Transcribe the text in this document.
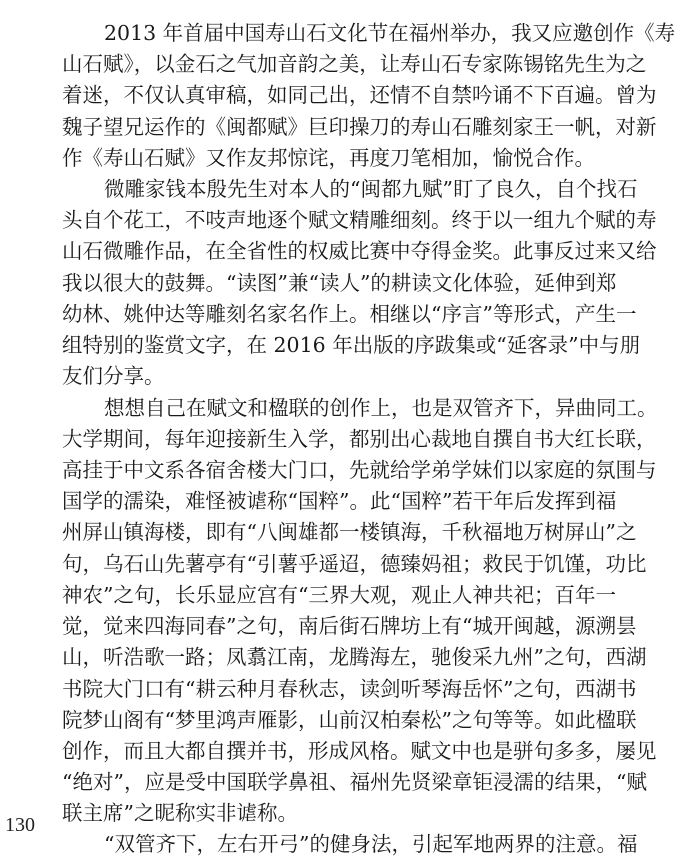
2013 年首届中国寿山石文化节在福州举办，我又应邀创作《寿
山石赋》，以金石之气加音韵之美，让寿山石专家陈锡铭先生为之
着迷，不仅认真审稿，如同己出，还情不自禁吟诵不下百遍。曾为
魏子望兄运作的《闽都赋》巨印操刀的寿山石雕刻家王一帆，对新
作《寿山石赋》又作友邦惊诧，再度刀笔相加，愉悦合作。
微雕家钱本殷先生对本人的“闽都九赋”盯了良久，自个找石
头自个花工，不吱声地逐个赋文精雕细刻。终于以一组九个赋的寿
山石微雕作品，在全省性的权威比赛中夺得金奖。此事反过来又给
我以很大的鼓舞。“读图”兼“读人”的耕读文化体验，延伸到郑
幼林、姚仲达等雕刻名家名作上。相继以“序言”等形式，产生一
组特别的鉴赏文字，在 2016 年出版的序跋集或“延客录”中与朋
友们分享。
想想自己在赋文和楹联的创作上，也是双管齐下，异曲同工。
大学期间，每年迎接新生入学，都别出心裁地自撰自书大红长联，
高挂于中文系各宿舍楼大门口，先就给学弟学妹们以家庭的氛围与
国学的濡染，难怪被谑称“国粹”。此“国粹”若干年后发挥到福
州屏山镇海楼，即有“八闽雄都一楼镇海，千秋福地万树屏山”之
句，乌石山先薯亭有“引薯乎遥迢，德臻妈祖；救民于饥馑，功比
神农”之句，长乐显应宫有“三界大观，观止人神共祀；百年一
觉，觉来四海同春”之句，南后街石牌坊上有“城开闽越，源溯昙
山，听浩歌一路；凤翥江南，龙腾海左，驰俊采九州”之句，西湖
书院大门口有“耕云种月春秋志，读剑听琴海岳怀”之句，西湖书
院梦山阁有“梦里鸿声雁影，山前汉柏秦松”之句等等。如此楹联
创作，而且大都自撰并书，形成风格。赋文中也是骈句多多，屡见
“绝对”，应是受中国联学鼻祖、福州先贤梁章钜浸濡的结果，“赋
联主席”之昵称实非谑称。
“双管齐下，左右开弓”的健身法，引起军地两界的注意。福
130
